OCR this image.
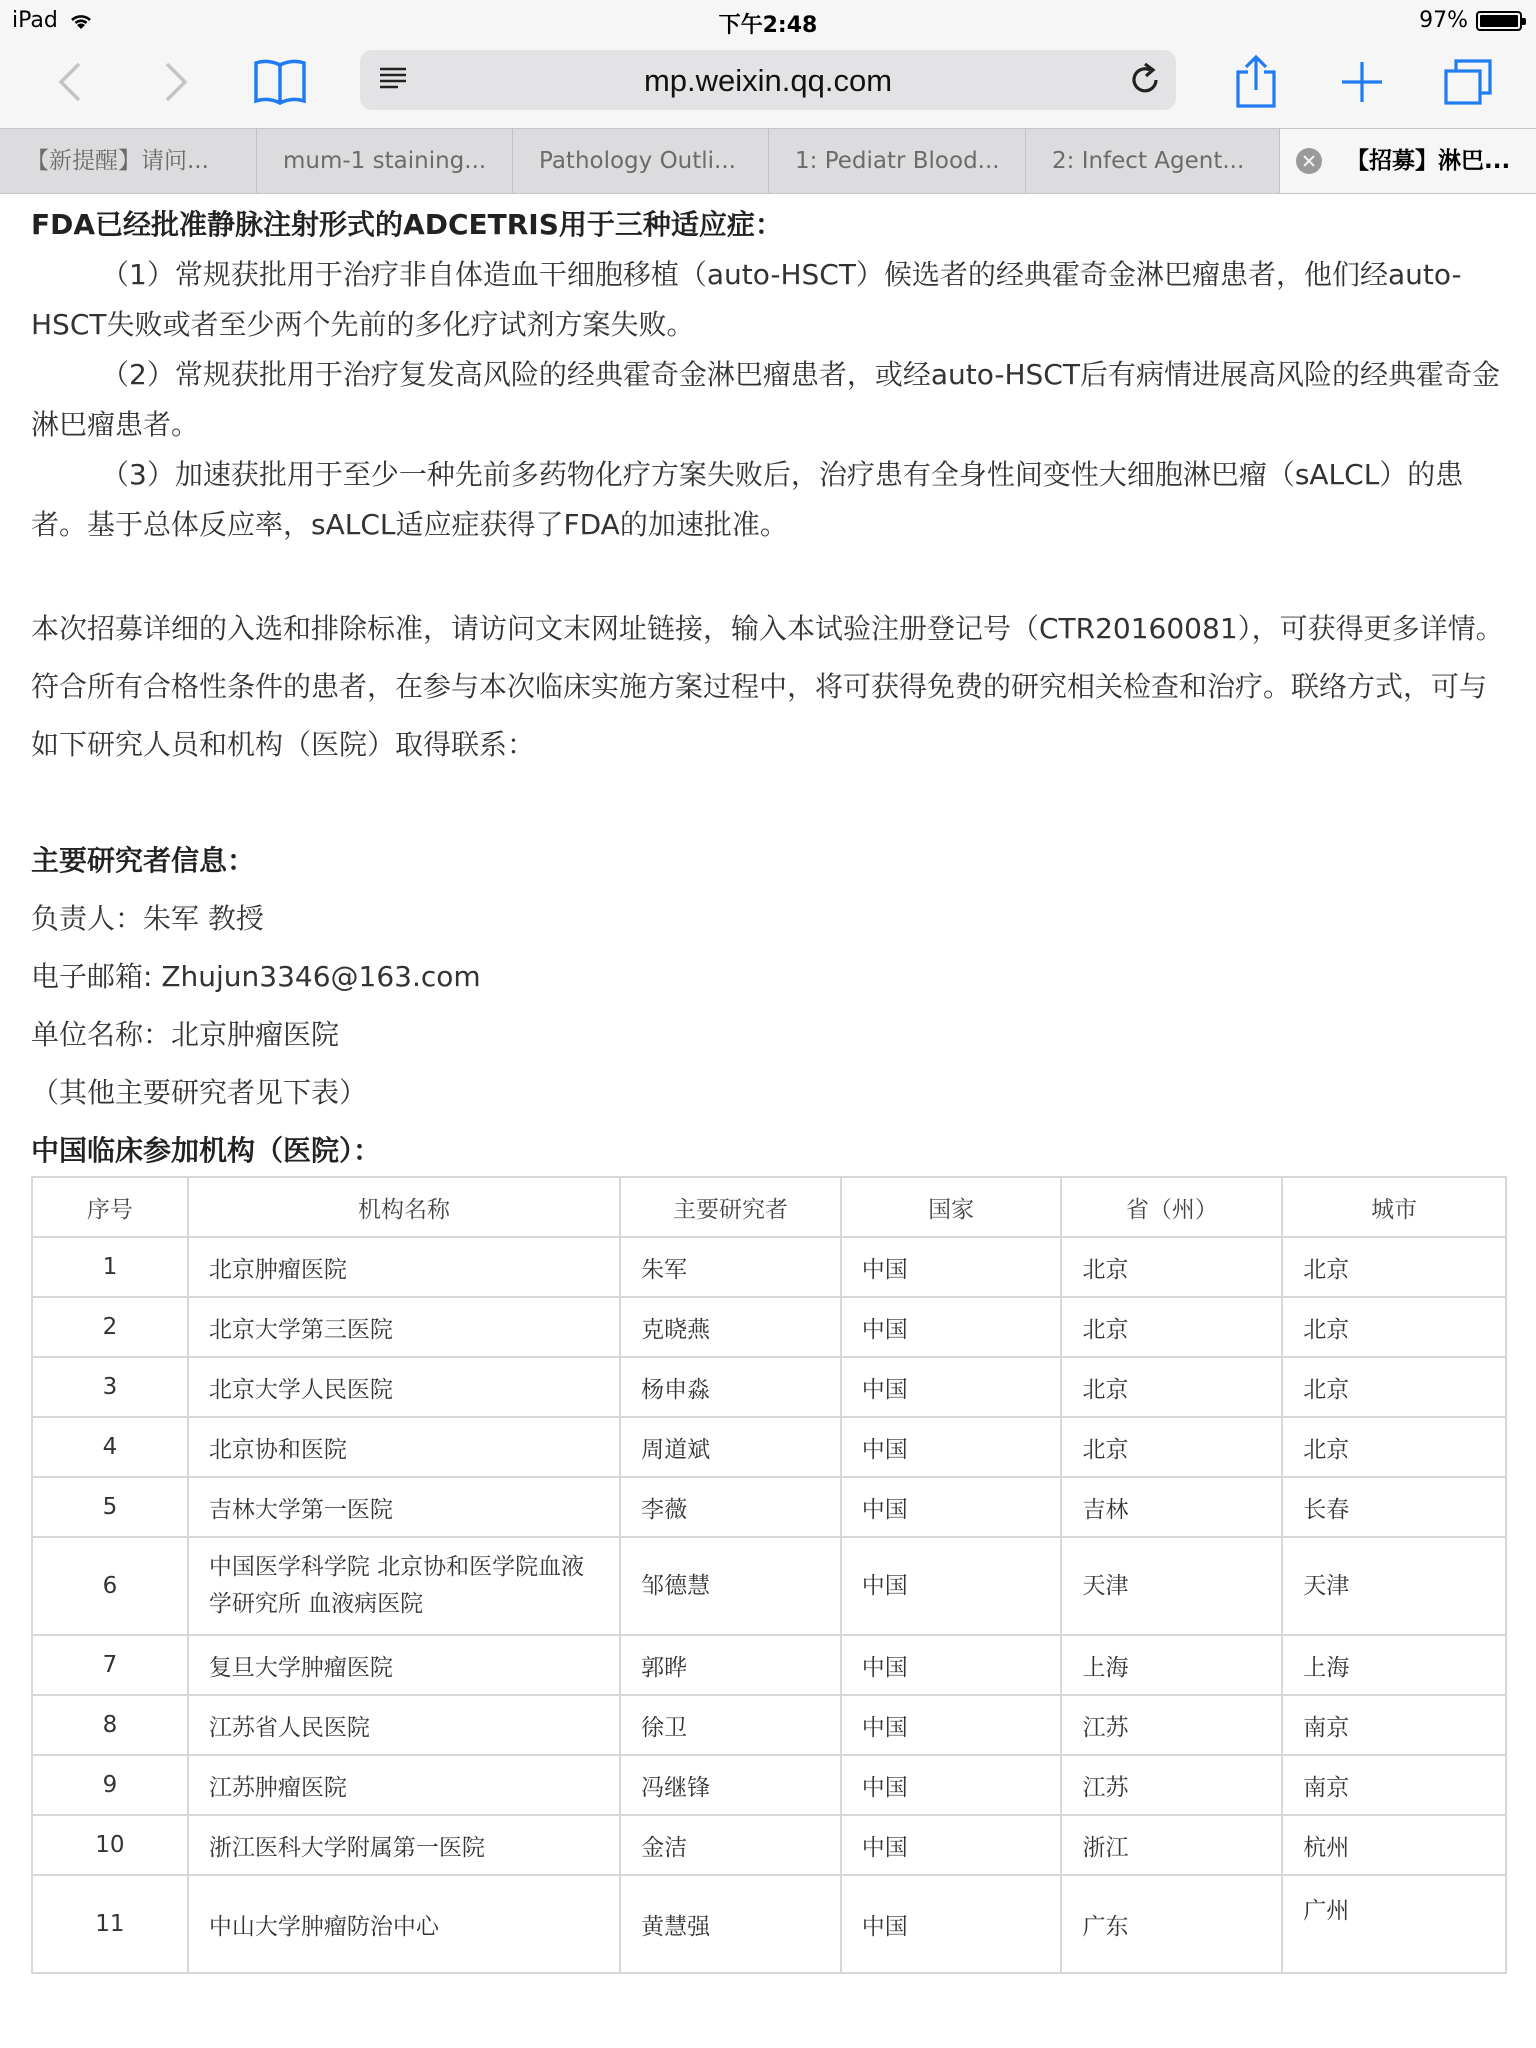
iPad	下午2:48	97%
mp.weixin.qq.com
【新提醒】请问...	mum-1 staining...	Pathology Outli...	1: Pediatr Blood...	2: Infect Agent...	【招募】淋巴...
FDA已经批准静脉注射形式的ADCETRIS用于三种适应症：
（1）常规获批用于治疗非自体造血干细胞移植（auto-HSCT）候选者的经典霍奇金淋巴瘤患者，他们经auto-HSCT失败或者至少两个先前的多化疗试剂方案失败。
（2）常规获批用于治疗复发高风险的经典霍奇金淋巴瘤患者，或经auto-HSCT后有病情进展高风险的经典霍奇金淋巴瘤患者。
（3）加速获批用于至少一种先前多药物化疗方案失败后，治疗患有全身性间变性大细胞淋巴瘤（sALCL）的患者。基于总体反应率，sALCL适应症获得了FDA的加速批准。
本次招募详细的入选和排除标准，请访问文末网址链接，输入本试验注册登记号（CTR20160081），可获得更多详情。符合所有合格性条件的患者，在参与本次临床实施方案过程中，将可获得免费的研究相关检查和治疗。联络方式，可与如下研究人员和机构（医院）取得联系：
主要研究者信息：
负责人：朱军 教授
电子邮箱: Zhujun3346@163.com
单位名称：北京肿瘤医院
（其他主要研究者见下表）
中国临床参加机构（医院）：
序号	机构名称	主要研究者	国家	省（州）	城市
1	北京肿瘤医院	朱军	中国	北京	北京
2	北京大学第三医院	克晓燕	中国	北京	北京
3	北京大学人民医院	杨申淼	中国	北京	北京
4	北京协和医院	周道斌	中国	北京	北京
5	吉林大学第一医院	李薇	中国	吉林	长春
6	中国医学科学院 北京协和医学院血液学研究所 血液病医院	邹德慧	中国	天津	天津
7	复旦大学肿瘤医院	郭晔	中国	上海	上海
8	江苏省人民医院	徐卫	中国	江苏	南京
9	江苏肿瘤医院	冯继锋	中国	江苏	南京
10	浙江医科大学附属第一医院	金洁	中国	浙江	杭州
11	中山大学肿瘤防治中心	黄慧强	中国	广东	广州
